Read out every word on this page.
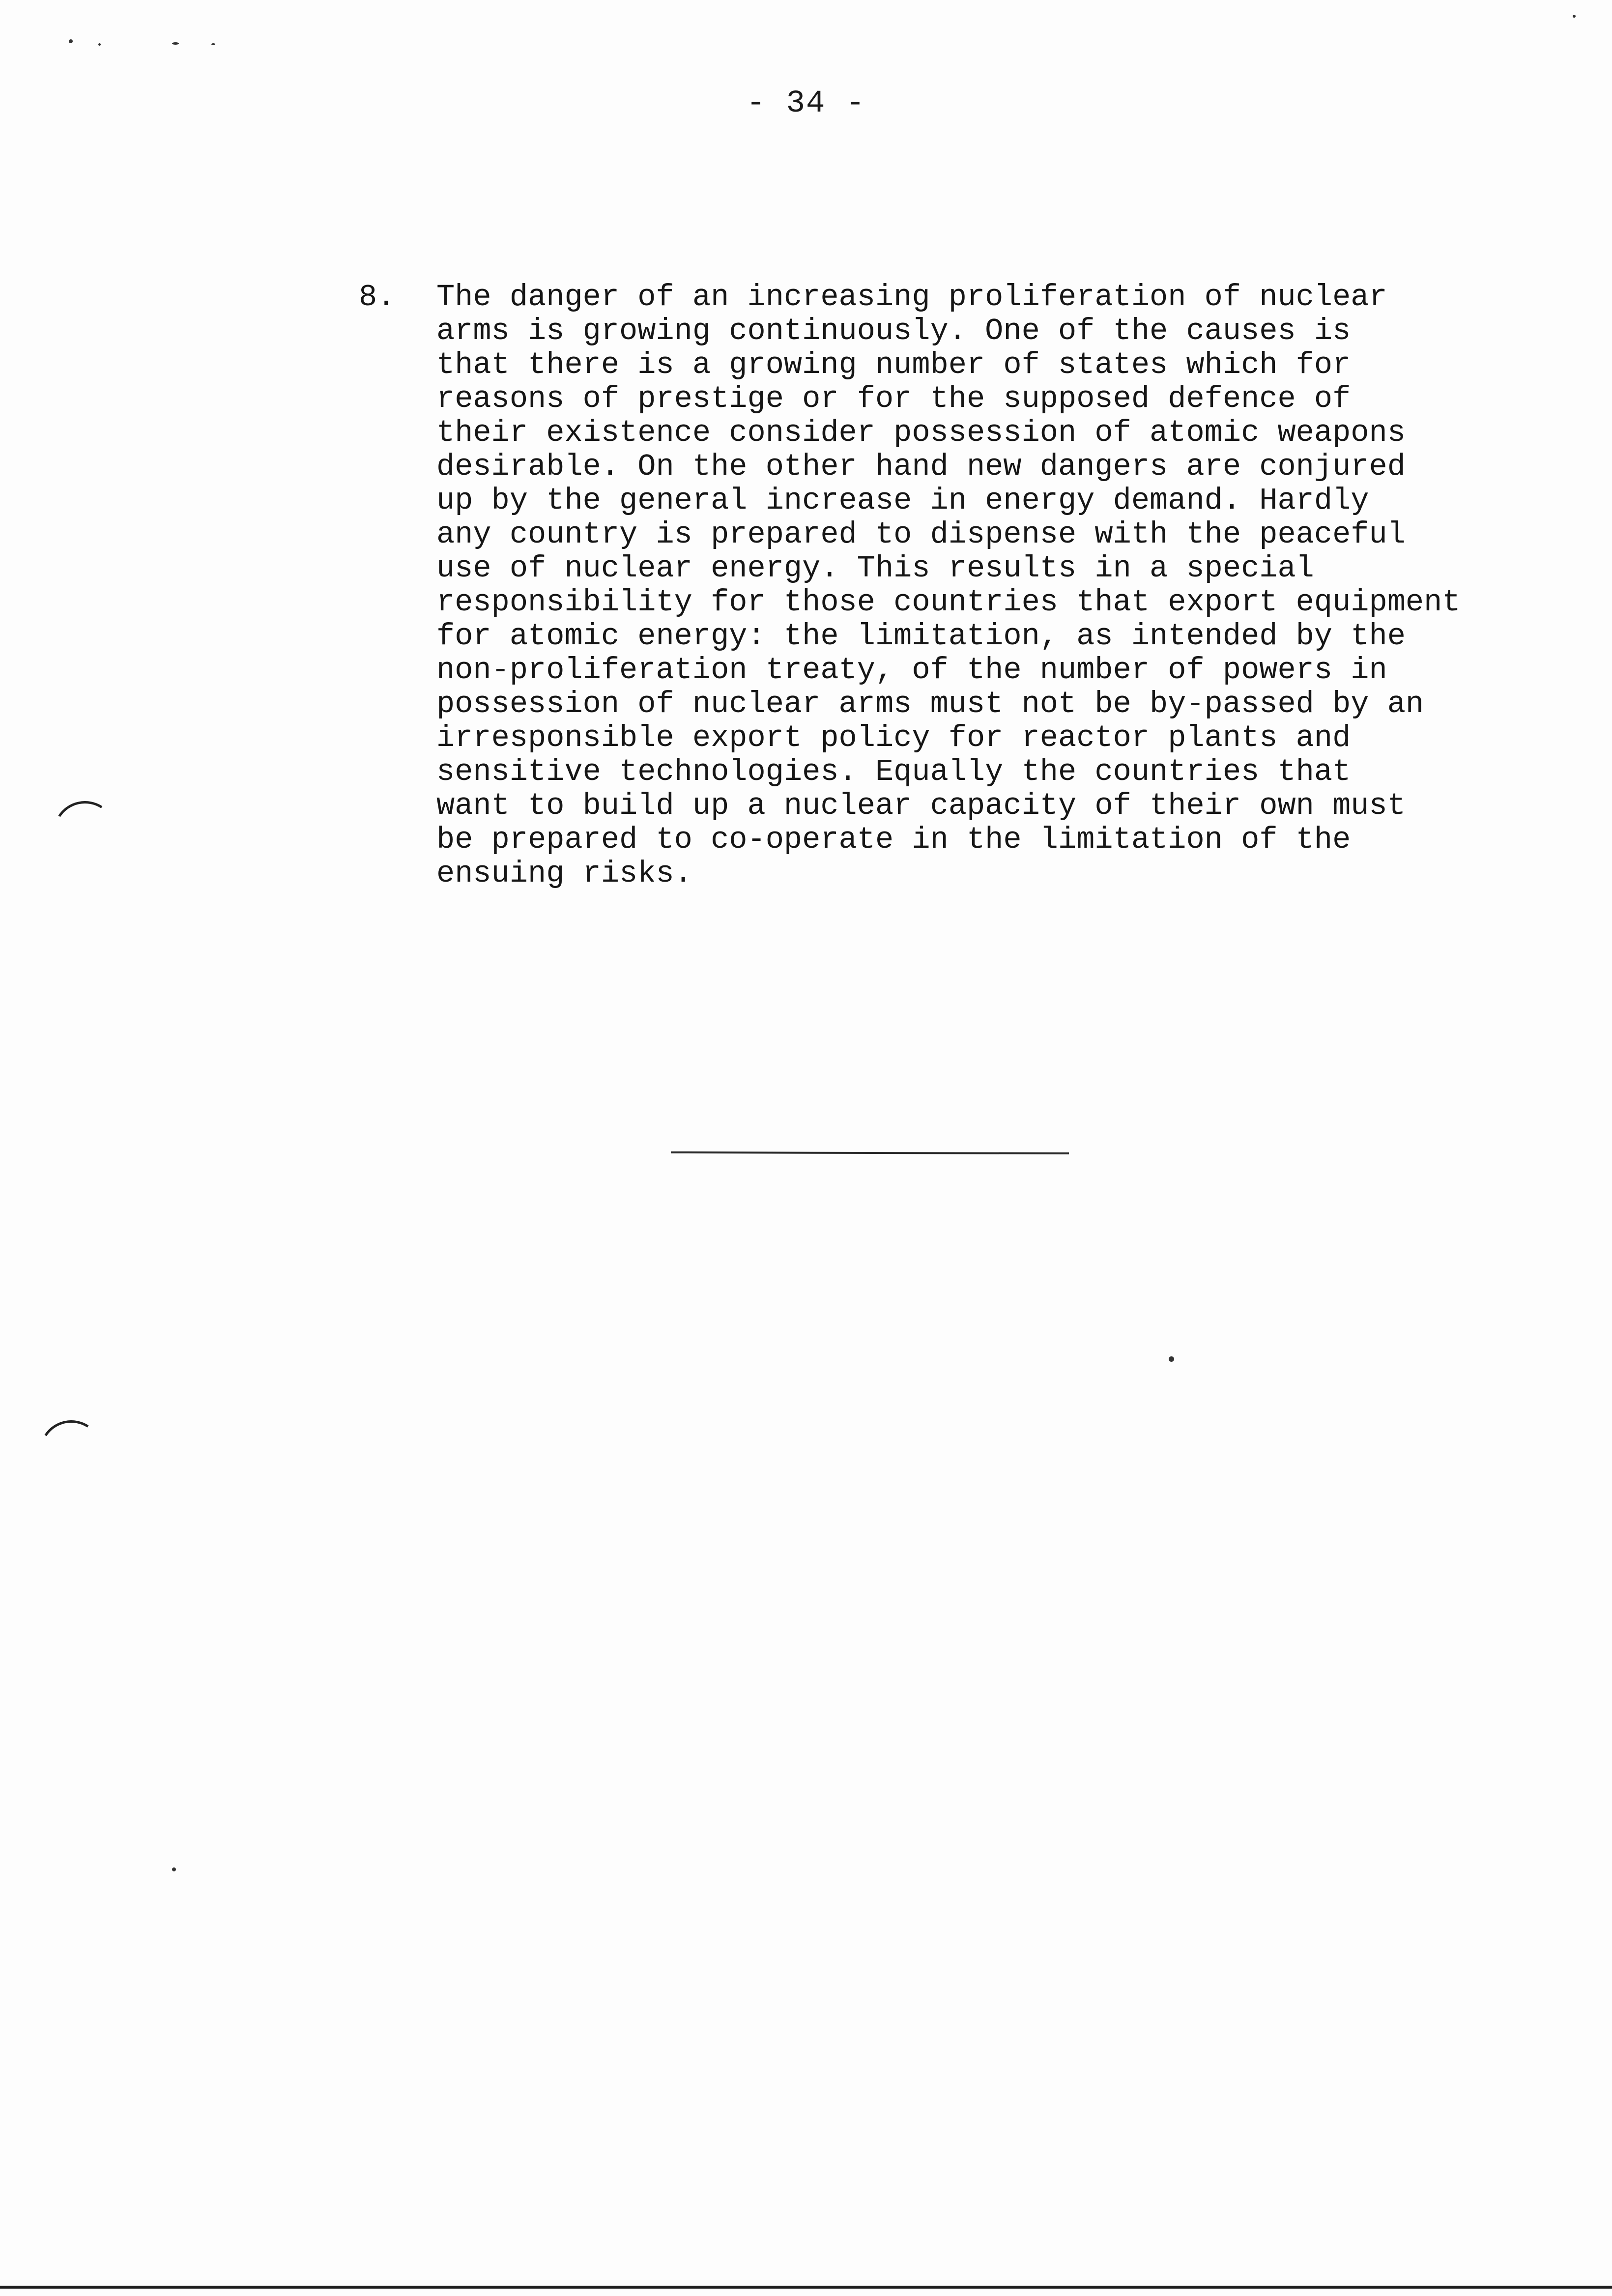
- 34 -
8.	The danger of an increasing proliferation of nuclear
arms is growing continuously. One of the causes is
that there is a growing number of states which for
reasons of prestige or for the supposed defence of
their existence consider possession of atomic weapons
desirable. On the other hand new dangers are conjured
up by the general increase in energy demand. Hardly
any country is prepared to dispense with the peaceful
use of nuclear energy. This results in a special
responsibility for those countries that export equipment
for atomic energy: the limitation, as intended by the
non-proliferation treaty, of the number of powers in
possession of nuclear arms must not be by-passed by an
irresponsible export policy for reactor plants and
sensitive technologies. Equally the countries that
want to build up a nuclear capacity of their own must
be prepared to co-operate in the limitation of the
ensuing risks.
